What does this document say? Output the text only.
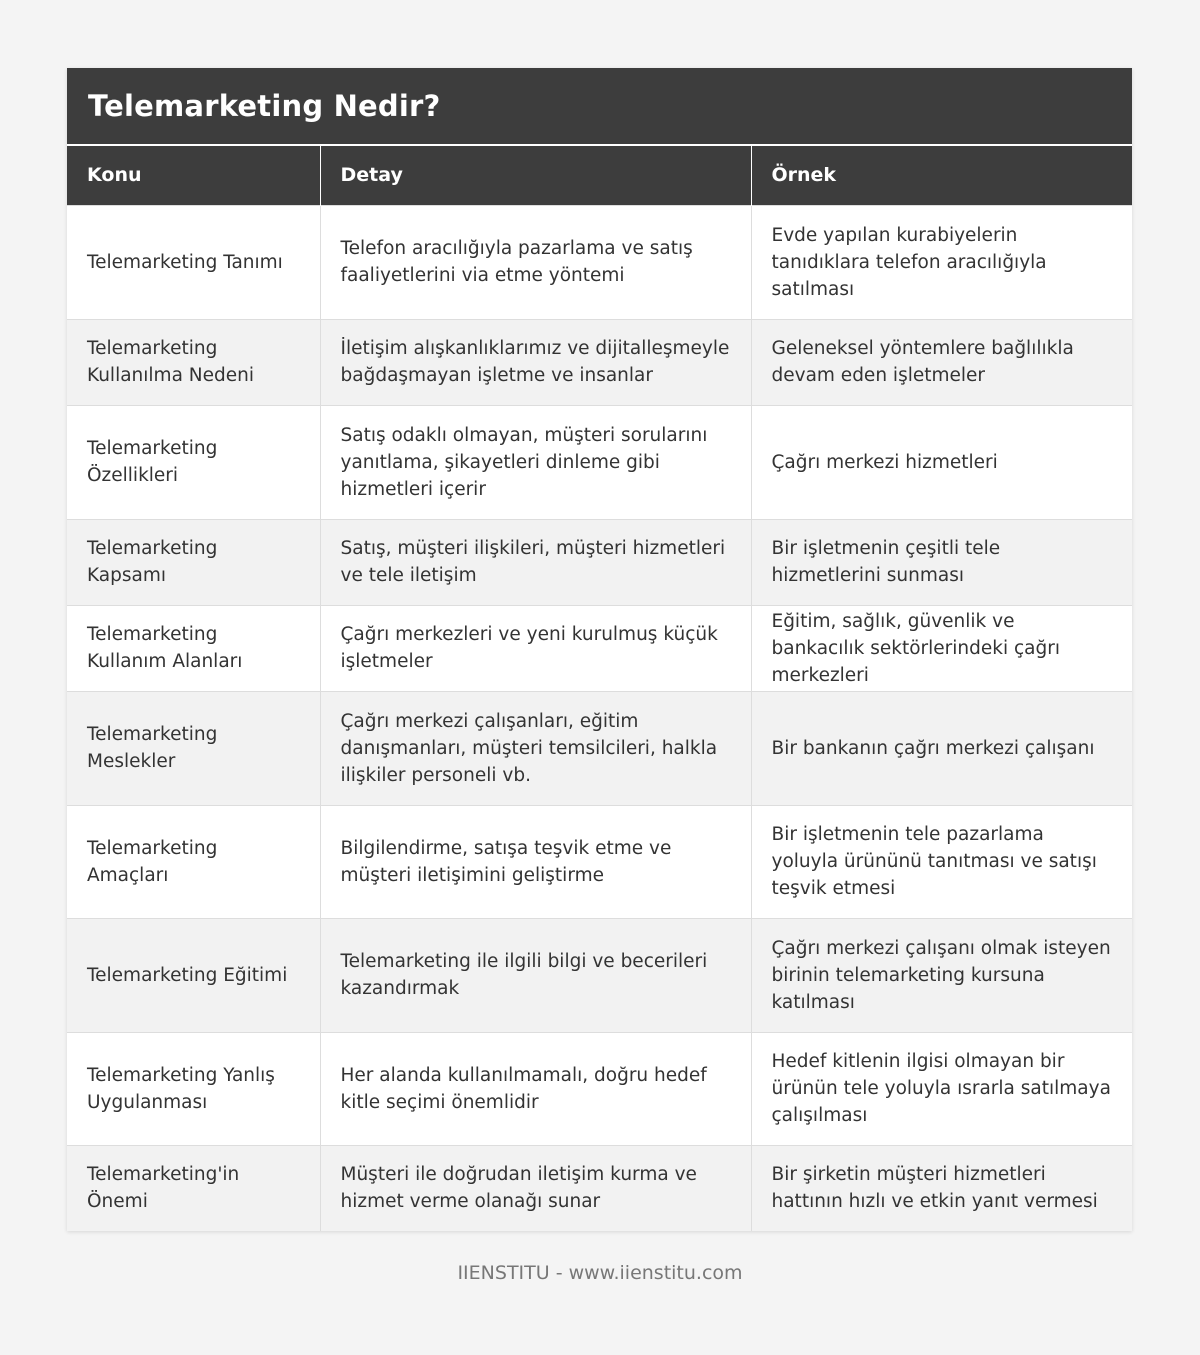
Telemarketing Nedir?
Konu	Detay	Örnek
Telemarketing Tanımı	Telefon aracılığıyla pazarlama ve satış faaliyetlerini via etme yöntemi	Evde yapılan kurabiyelerin tanıdıklara telefon aracılığıyla satılması
Telemarketing Kullanılma Nedeni	İletişim alışkanlıklarımız ve dijitalleşmeyle bağdaşmayan işletme ve insanlar	Geleneksel yöntemlere bağlılıkla devam eden işletmeler
Telemarketing Özellikleri	Satış odaklı olmayan, müşteri sorularını yanıtlama, şikayetleri dinleme gibi hizmetleri içerir	Çağrı merkezi hizmetleri
Telemarketing Kapsamı	Satış, müşteri ilişkileri, müşteri hizmetleri ve tele iletişim	Bir işletmenin çeşitli tele hizmetlerini sunması
Telemarketing Kullanım Alanları	Çağrı merkezleri ve yeni kurulmuş küçük işletmeler	Eğitim, sağlık, güvenlik ve bankacılık sektörlerindeki çağrı merkezleri
Telemarketing Meslekler	Çağrı merkezi çalışanları, eğitim danışmanları, müşteri temsilcileri, halkla ilişkiler personeli vb.	Bir bankanın çağrı merkezi çalışanı
Telemarketing Amaçları	Bilgilendirme, satışa teşvik etme ve müşteri iletişimini geliştirme	Bir işletmenin tele pazarlama yoluyla ürününü tanıtması ve satışı teşvik etmesi
Telemarketing Eğitimi	Telemarketing ile ilgili bilgi ve becerileri kazandırmak	Çağrı merkezi çalışanı olmak isteyen birinin telemarketing kursuna katılması
Telemarketing Yanlış Uygulanması	Her alanda kullanılmamalı, doğru hedef kitle seçimi önemlidir	Hedef kitlenin ilgisi olmayan bir ürünün tele yoluyla ısrarla satılmaya çalışılması
Telemarketing'in Önemi	Müşteri ile doğrudan iletişim kurma ve hizmet verme olanağı sunar	Bir şirketin müşteri hizmetleri hattının hızlı ve etkin yanıt vermesi
IIENSTITU - www.iienstitu.com
